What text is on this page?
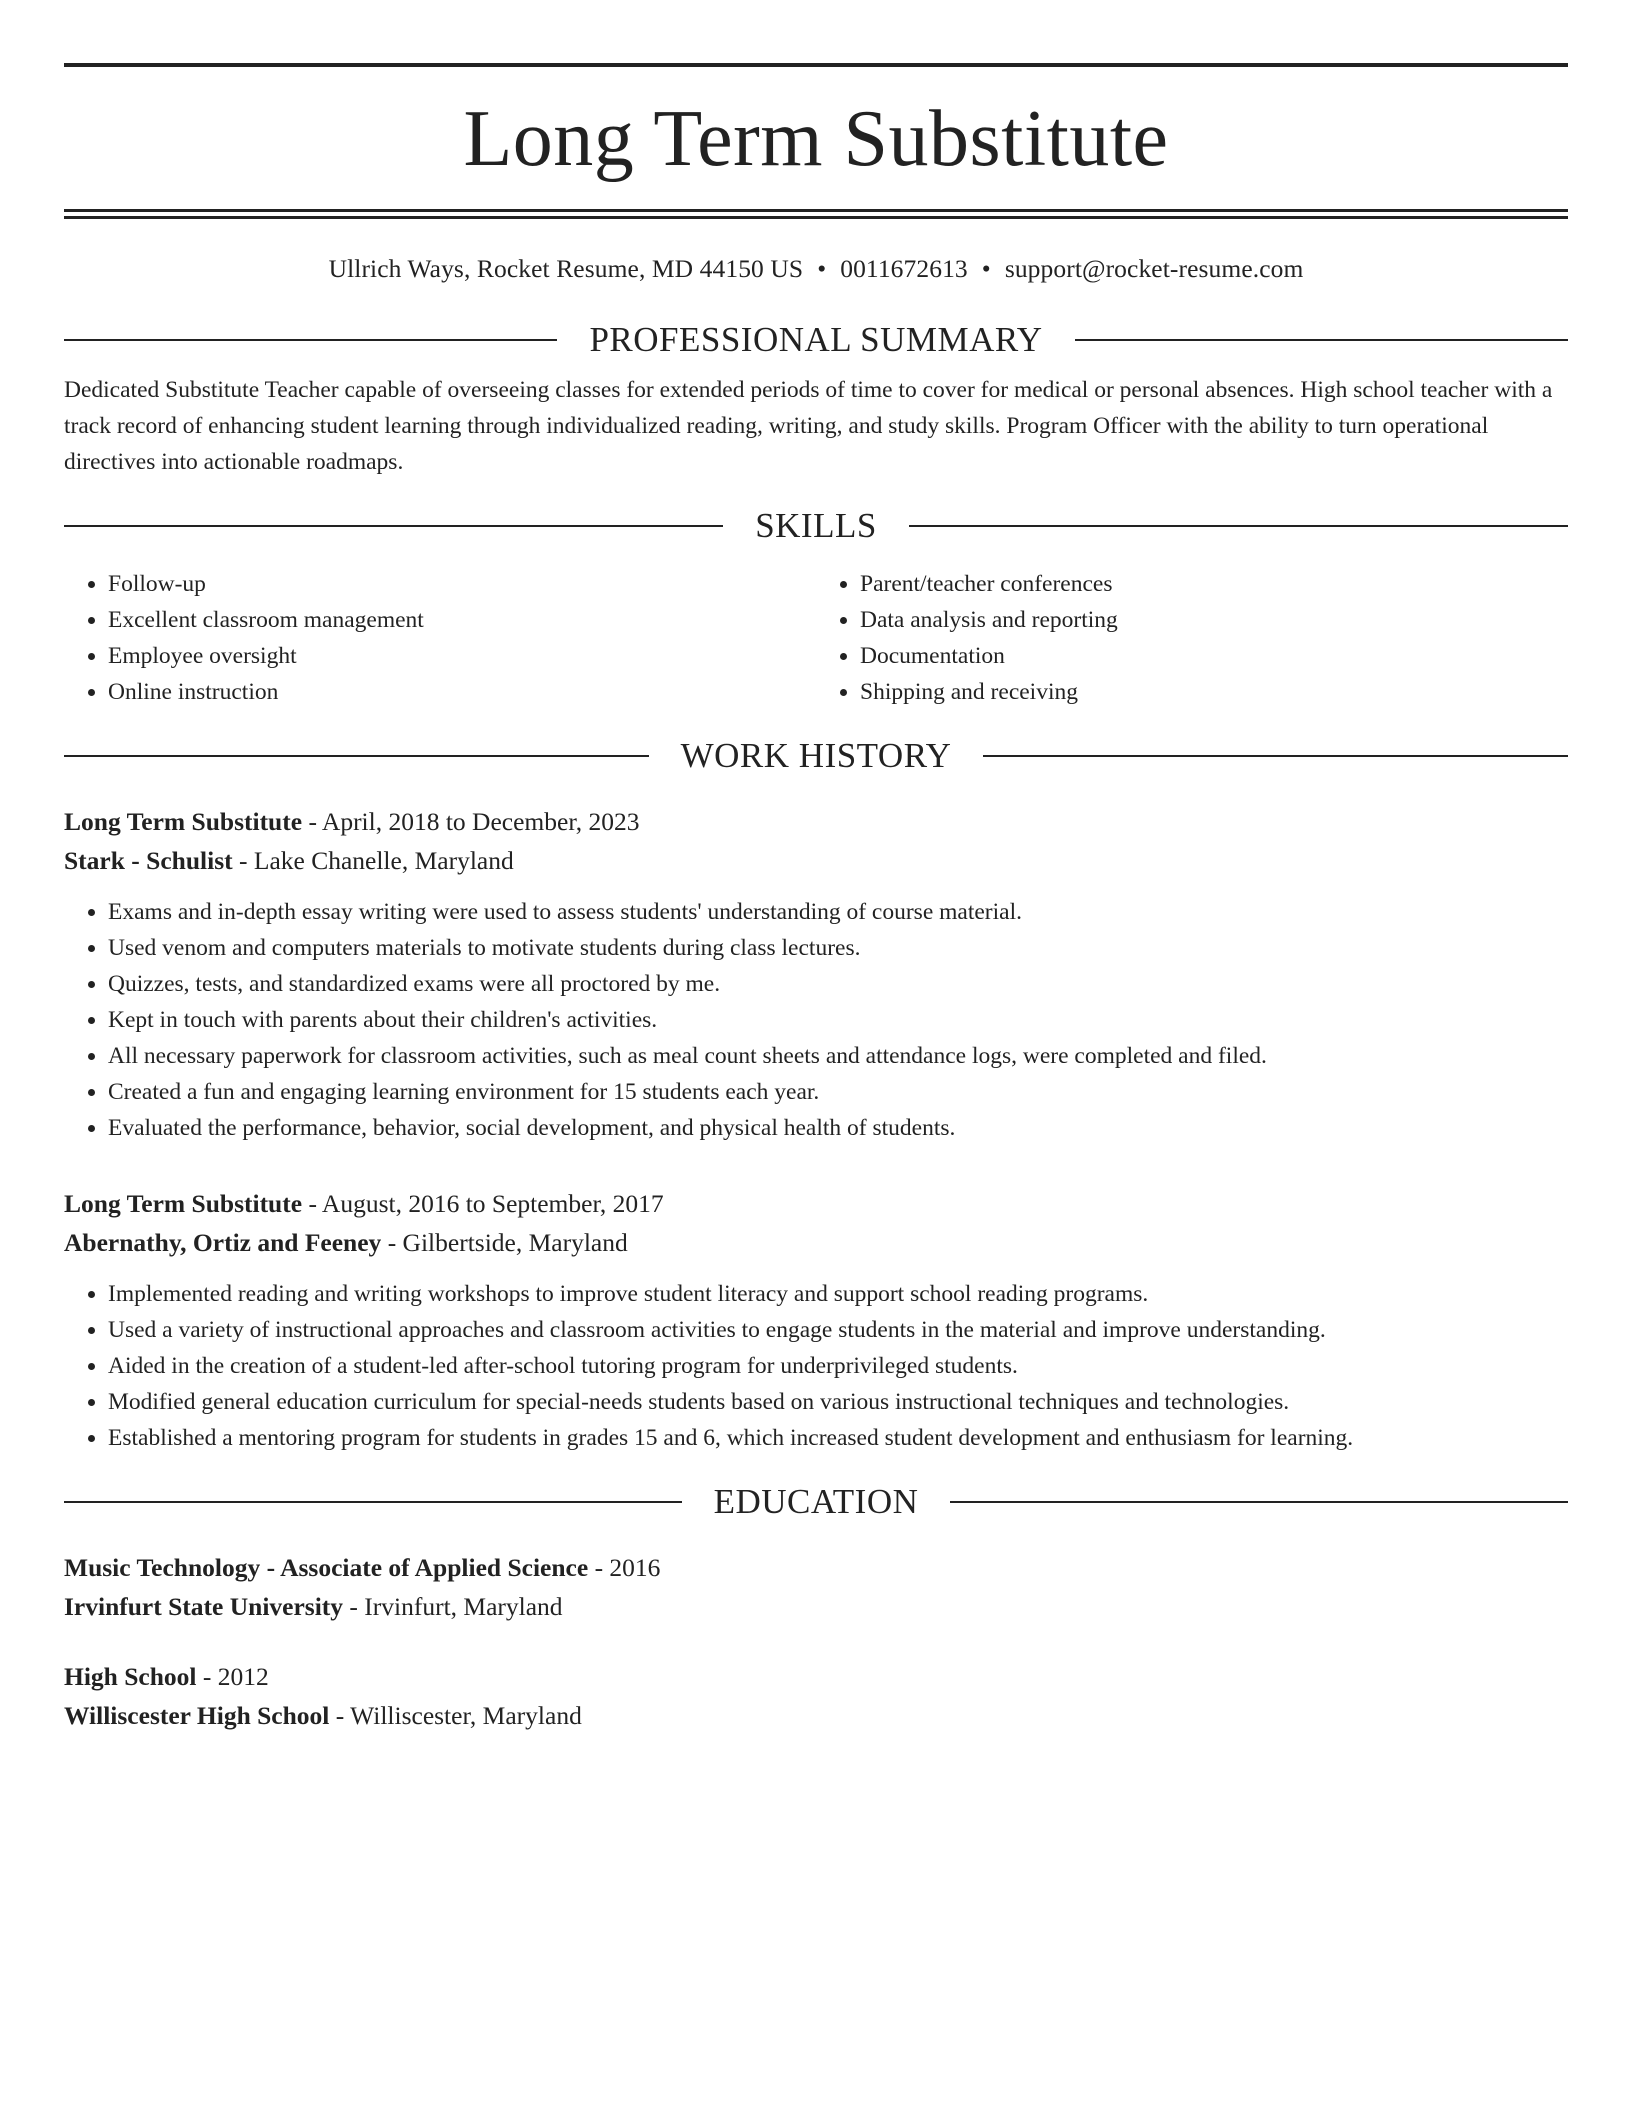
Long Term Substitute
Ullrich Ways, Rocket Resume, MD 44150 US • 0011672613 • support@rocket-resume.com
PROFESSIONAL SUMMARY
Dedicated Substitute Teacher capable of overseeing classes for extended periods of time to cover for medical or personal absences. High school teacher with a track record of enhancing student learning through individualized reading, writing, and study skills. Program Officer with the ability to turn operational directives into actionable roadmaps.
SKILLS
• Follow-up
• Excellent classroom management
• Employee oversight
• Online instruction
• Parent/teacher conferences
• Data analysis and reporting
• Documentation
• Shipping and receiving
WORK HISTORY
Long Term Substitute - April, 2018 to December, 2023
Stark - Schulist - Lake Chanelle, Maryland
• Exams and in-depth essay writing were used to assess students' understanding of course material.
• Used venom and computers materials to motivate students during class lectures.
• Quizzes, tests, and standardized exams were all proctored by me.
• Kept in touch with parents about their children's activities.
• All necessary paperwork for classroom activities, such as meal count sheets and attendance logs, were completed and filed.
• Created a fun and engaging learning environment for 15 students each year.
• Evaluated the performance, behavior, social development, and physical health of students.
Long Term Substitute - August, 2016 to September, 2017
Abernathy, Ortiz and Feeney - Gilbertside, Maryland
• Implemented reading and writing workshops to improve student literacy and support school reading programs.
• Used a variety of instructional approaches and classroom activities to engage students in the material and improve understanding.
• Aided in the creation of a student-led after-school tutoring program for underprivileged students.
• Modified general education curriculum for special-needs students based on various instructional techniques and technologies.
• Established a mentoring program for students in grades 15 and 6, which increased student development and enthusiasm for learning.
EDUCATION
Music Technology - Associate of Applied Science - 2016
Irvinfurt State University - Irvinfurt, Maryland
High School - 2012
Williscester High School - Williscester, Maryland
